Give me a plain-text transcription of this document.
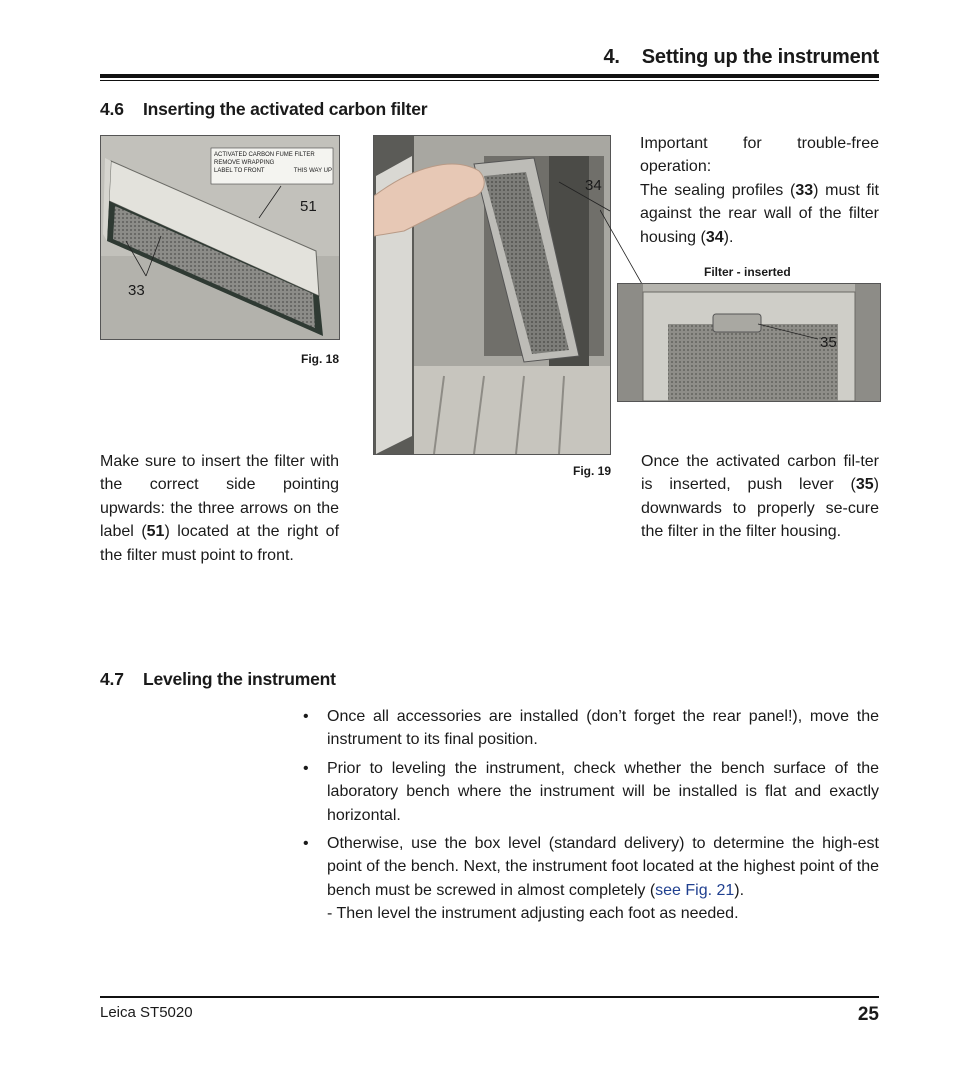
4. Setting up the instrument
4.6 Inserting the activated carbon filter
ACTIVATED CARBON FUME FILTER
REMOVE WRAPPING
LABEL TO FRONT	THIS WAY UP
51
33
Fig. 18
34
Fig. 19
Important for trouble-free operation:
The sealing profiles (33) must fit against the rear wall of the filter housing (34).
Filter - inserted
35
Make sure to insert the filter with the correct side pointing upwards: the three arrows on the label (51) located at the right of the filter must point to front.
Once the activated carbon fil-ter is inserted, push lever (35) downwards to properly se-cure the filter in the filter housing.
4.7 Leveling the instrument
• Once all accessories are installed (don’t forget the rear panel!), move the instrument to its final position.
• Prior to leveling the instrument, check whether the bench surface of the laboratory bench where the instrument will be installed is flat and exactly horizontal.
• Otherwise, use the box level (standard delivery) to determine the high-est point of the bench. Next, the instrument foot located at the highest point of the bench must be screwed in almost completely (see Fig. 21).
- Then level the instrument adjusting each foot as needed.
Leica ST5020	25
